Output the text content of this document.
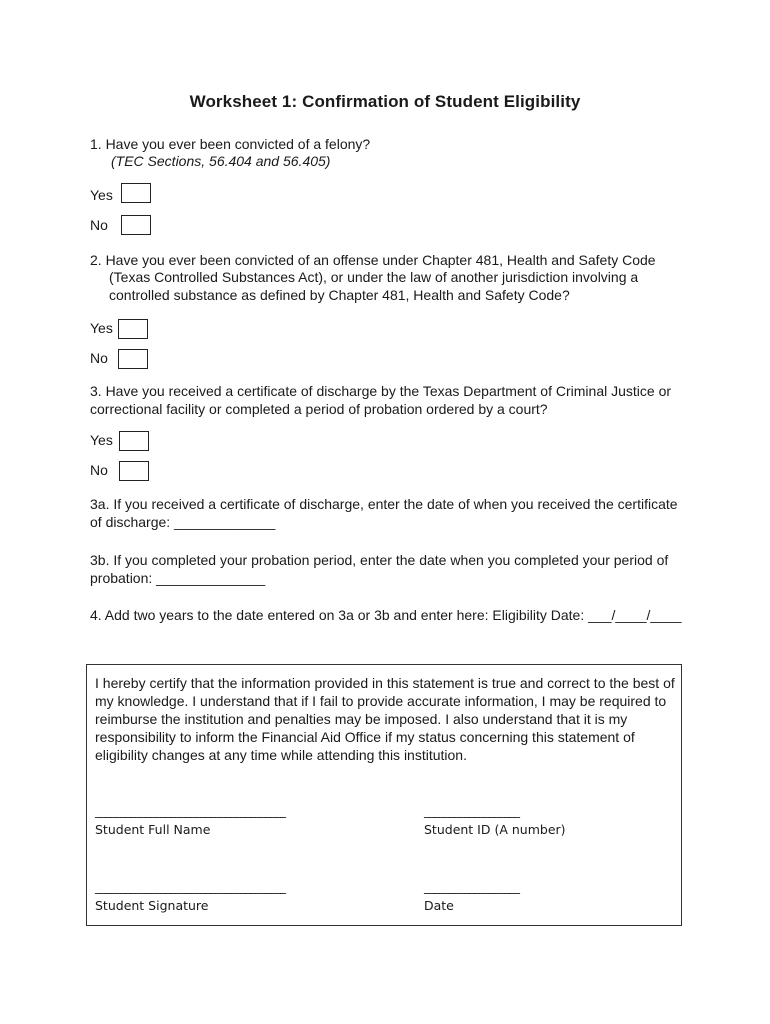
Worksheet 1: Confirmation of Student Eligibility
1. Have you ever been convicted of a felony?
(TEC Sections, 56.404 and 56.405)
Yes
No
2. Have you ever been convicted of an offense under Chapter 481, Health and Safety Code
(Texas Controlled Substances Act), or under the law of another jurisdiction involving a
controlled substance as defined by Chapter 481, Health and Safety Code?
Yes
No
3. Have you received a certificate of discharge by the Texas Department of Criminal Justice or
correctional facility or completed a period of probation ordered by a court?
Yes
No
3a. If you received a certificate of discharge, enter the date of when you received the certificate
of discharge: _____________
3b. If you completed your probation period, enter the date when you completed your period of
probation: ______________
4. Add two years to the date entered on 3a or 3b and enter here: Eligibility Date: ___/____/____
I hereby certify that the information provided in this statement is true and correct to the best of
my knowledge. I understand that if I fail to provide accurate information, I may be required to
reimburse the institution and penalties may be imposed. I also understand that it is my
responsibility to inform the Financial Aid Office if my status concerning this statement of
eligibility changes at any time while attending this institution.
______________________________________
Student Full Name
___________________
Student ID (A number)
______________________________________
Student Signature
___________________
Date
